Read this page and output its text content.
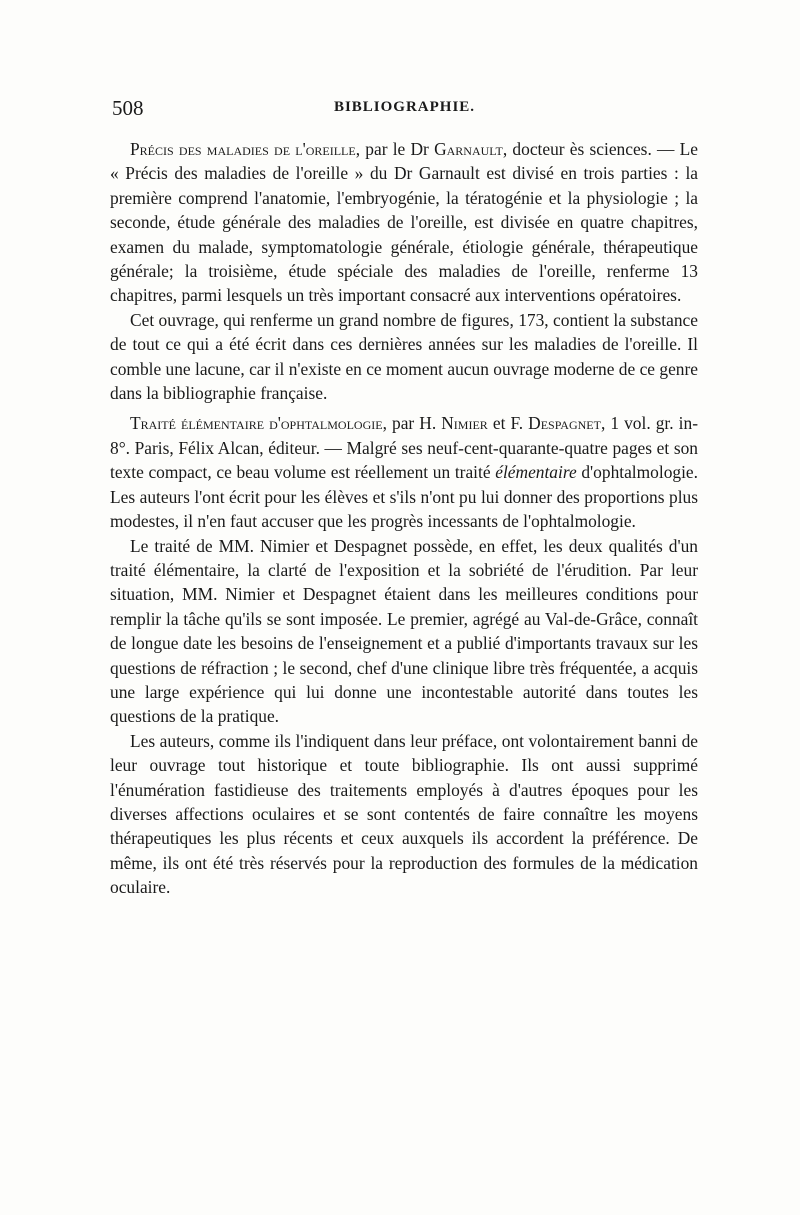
508	BIBLIOGRAPHIE.

Précis des maladies de l'oreille, par le Dr Garnault, docteur ès sciences. — Le « Précis des maladies de l'oreille » du Dr Garnault est divisé en trois parties : la première comprend l'anatomie, l'embryogénie, la tératogénie et la physiologie ; la seconde, étude générale des maladies de l'oreille, est divisée en quatre chapitres, examen du malade, symptomatologie générale, étiologie générale, thérapeutique générale; la troisième, étude spéciale des maladies de l'oreille, renferme 13 chapitres, parmi lesquels un très important consacré aux interventions opératoires.

Cet ouvrage, qui renferme un grand nombre de figures, 173, contient la substance de tout ce qui a été écrit dans ces dernières années sur les maladies de l'oreille. Il comble une lacune, car il n'existe en ce moment aucun ouvrage moderne de ce genre dans la bibliographie française.

Traité élémentaire d'ophtalmologie, par H. Nimier et F. Despagnet, 1 vol. gr. in-8°. Paris, Félix Alcan, éditeur. — Malgré ses neuf-cent-quarante-quatre pages et son texte compact, ce beau volume est réellement un traité élémentaire d'ophtalmologie. Les auteurs l'ont écrit pour les élèves et s'ils n'ont pu lui donner des proportions plus modestes, il n'en faut accuser que les progrès incessants de l'ophtalmologie.

Le traité de MM. Nimier et Despagnet possède, en effet, les deux qualités d'un traité élémentaire, la clarté de l'exposition et la sobriété de l'érudition. Par leur situation, MM. Nimier et Despagnet étaient dans les meilleures conditions pour remplir la tâche qu'ils se sont imposée. Le premier, agrégé au Val-de-Grâce, connaît de longue date les besoins de l'enseignement et a publié d'importants travaux sur les questions de réfraction ; le second, chef d'une clinique libre très fréquentée, a acquis une large expérience qui lui donne une incontestable autorité dans toutes les questions de la pratique.

Les auteurs, comme ils l'indiquent dans leur préface, ont volontairement banni de leur ouvrage tout historique et toute bibliographie. Ils ont aussi supprimé l'énumération fastidieuse des traitements employés à d'autres époques pour les diverses affections oculaires et se sont contentés de faire connaître les moyens thérapeutiques les plus récents et ceux auxquels ils accordent la préférence. De même, ils ont été très réservés pour la reproduction des formules de la médication oculaire.
